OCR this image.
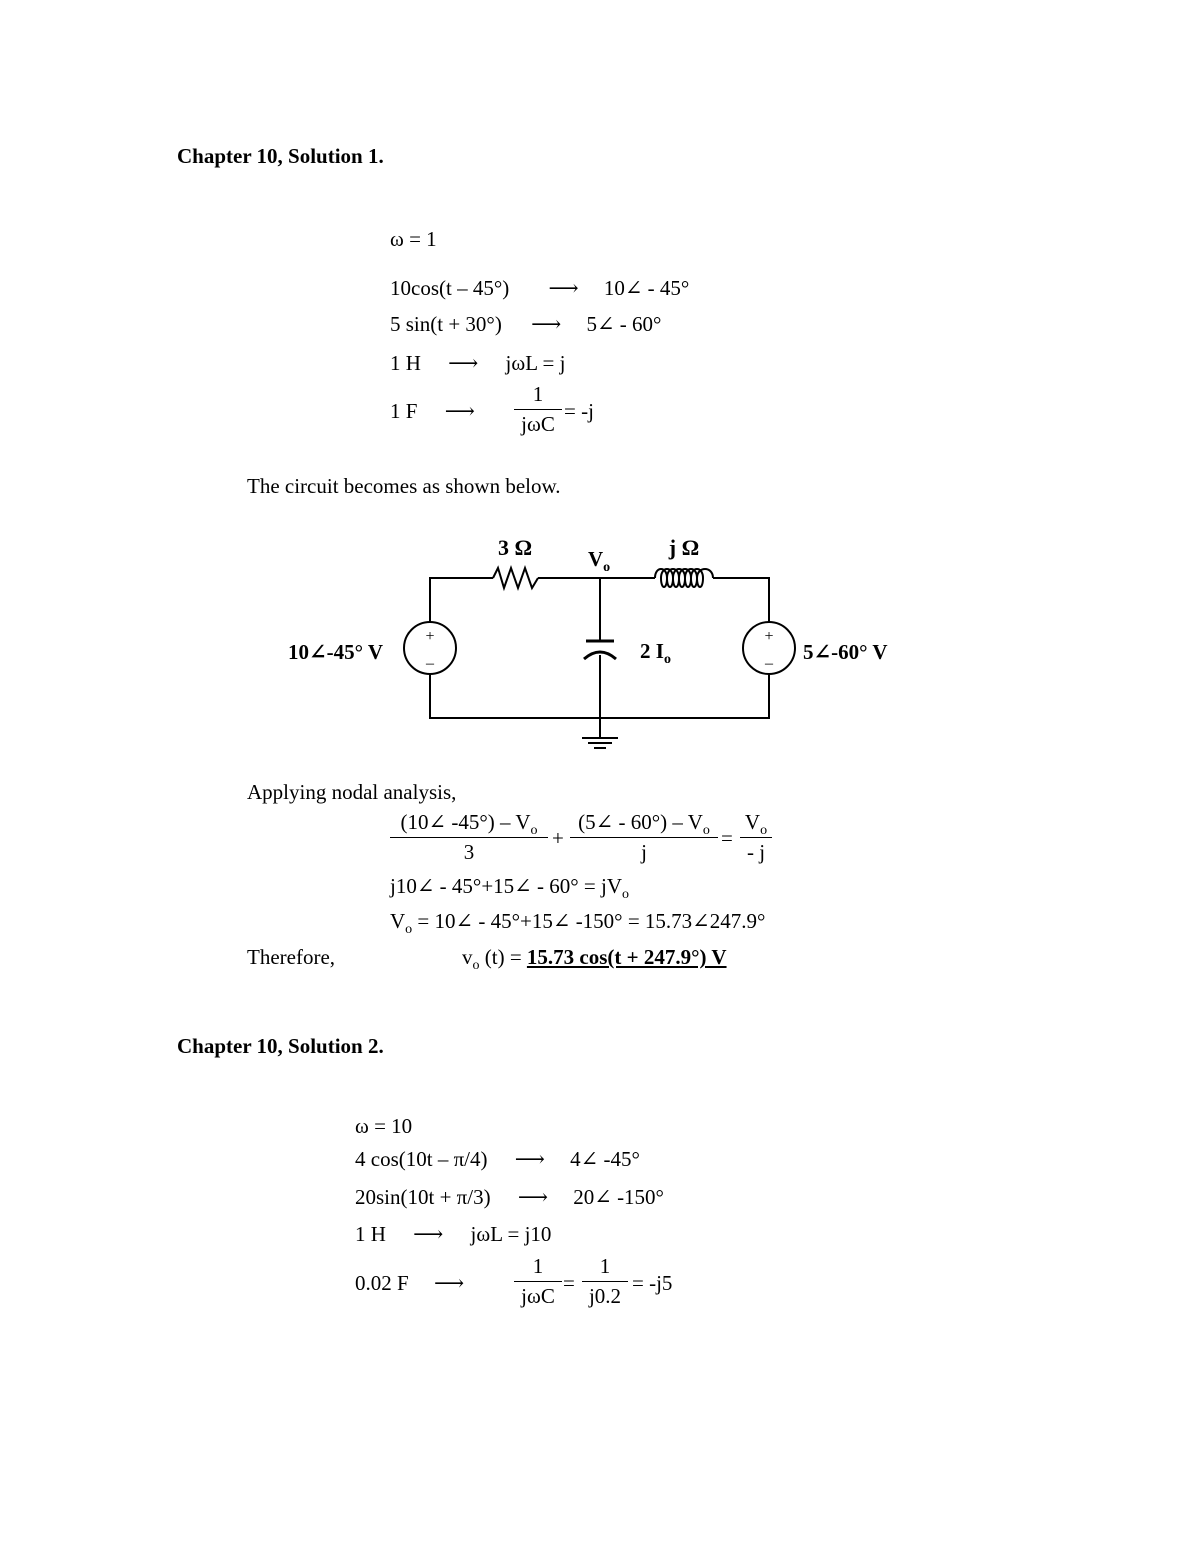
Chapter 10, Solution 1.
ω = 1
10cos(t – 45°) ⟶ 10∠ - 45°
5 sin(t + 30°) ⟶ 5∠ - 60°
1 H ⟶ jωL = j
1 F ⟶
1
jωC
= -j
The circuit becomes as shown below.
+
–
+
–
3 Ω	j Ω
$V_o$
10∠-45° V	5∠-60° V
2 $I_o$
Applying nodal analysis,
(10∠ $-45^\circ) - V_o$
3
+
(5∠ - $60^\circ) - V_o$
j
=
$V_o$
- j
j10∠ - 45°+15∠ - $60^\circ = jV_o$
$V_o$ = 10∠ - 45°+15∠ -150° = 15.73∠247.9°
Therefore,	$v_o$ (t) = 15.73 cos(t + 247.9°) V
Chapter 10, Solution 2.
ω = 10
4 cos(10t – π/4) ⟶ 4∠ -45°
20sin(10t + π/3) ⟶ 20∠ -150°
1 H ⟶ jωL = j10
0.02 F ⟶
1
jωC
=
1
j0.2
= -j5
